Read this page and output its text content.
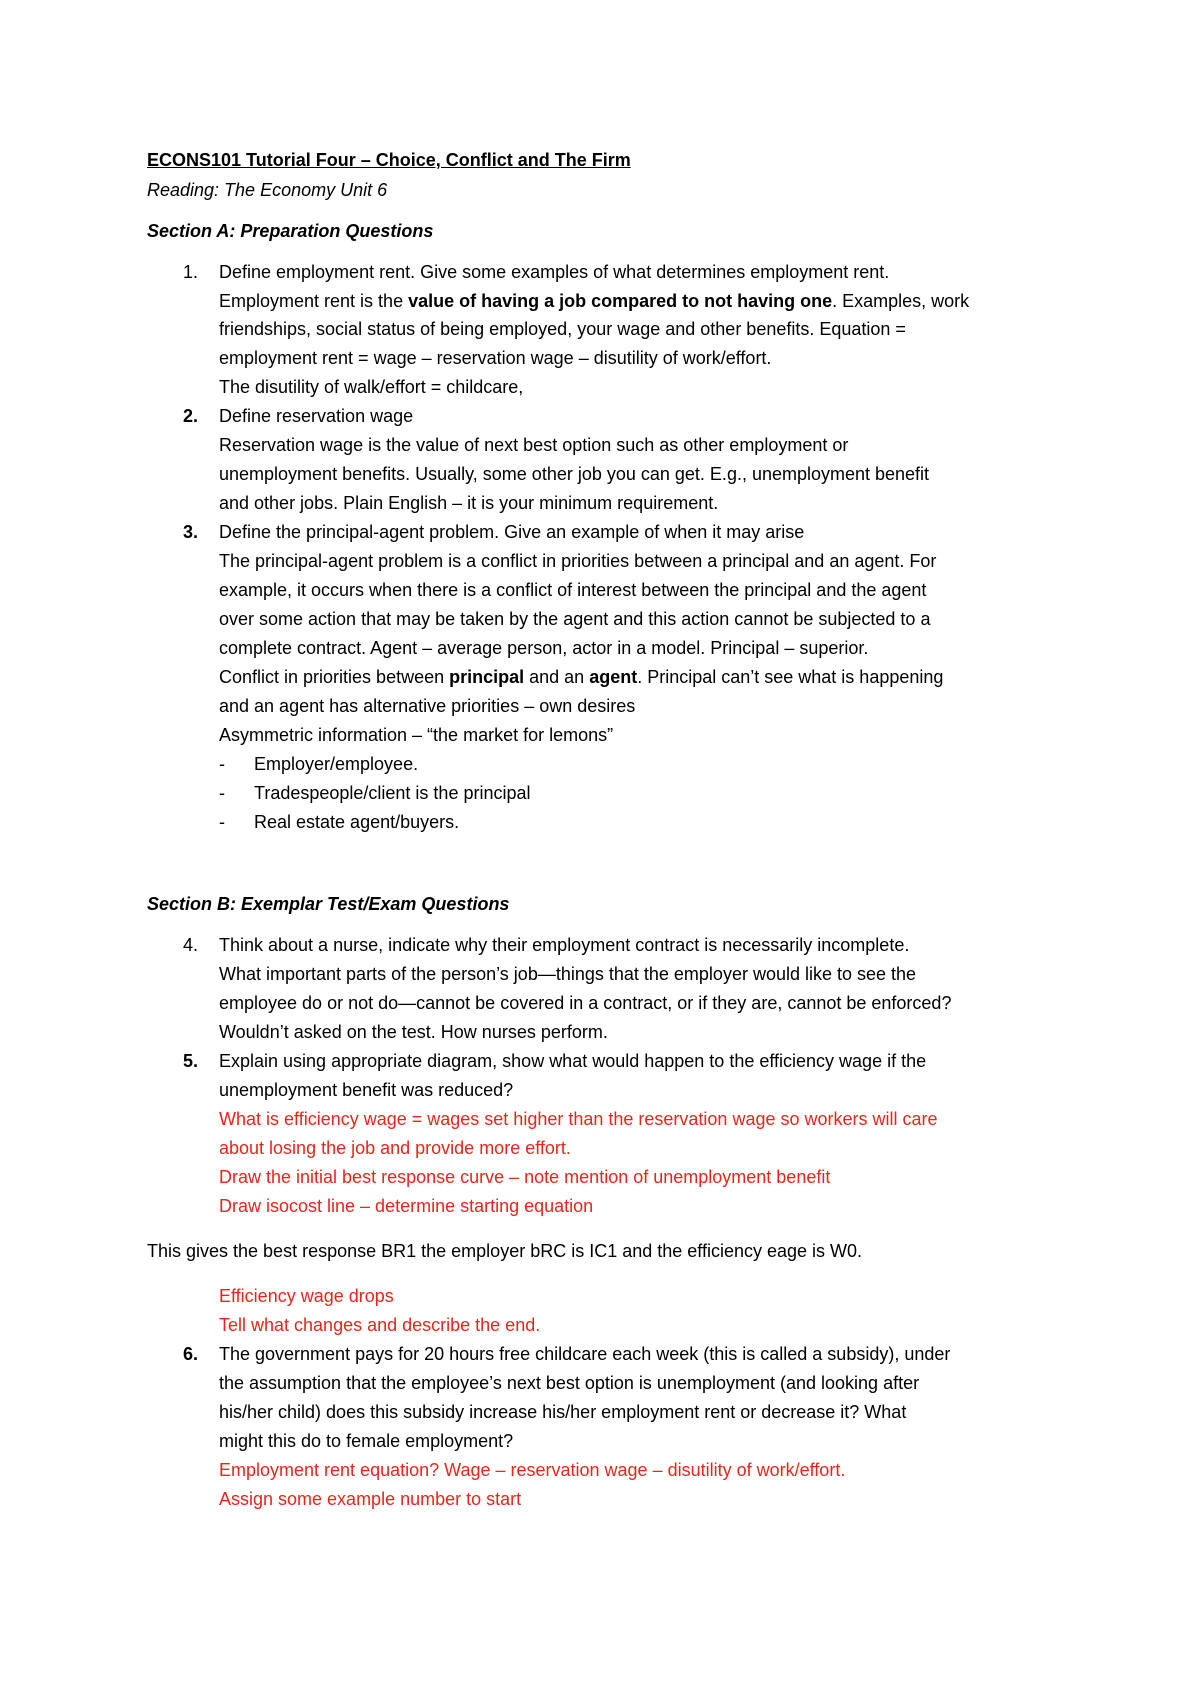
ECONS101 Tutorial Four – Choice, Conflict and The Firm
Reading: The Economy Unit 6
Section A: Preparation Questions
1. Define employment rent. Give some examples of what determines employment rent.
Employment rent is the value of having a job compared to not having one. Examples, work
friendships, social status of being employed, your wage and other benefits. Equation =
employment rent = wage – reservation wage – disutility of work/effort.
The disutility of walk/effort = childcare,
2. Define reservation wage
Reservation wage is the value of next best option such as other employment or
unemployment benefits. Usually, some other job you can get. E.g., unemployment benefit
and other jobs. Plain English – it is your minimum requirement.
3. Define the principal-agent problem. Give an example of when it may arise
The principal-agent problem is a conflict in priorities between a principal and an agent. For
example, it occurs when there is a conflict of interest between the principal and the agent
over some action that may be taken by the agent and this action cannot be subjected to a
complete contract. Agent – average person, actor in a model. Principal – superior.
Conflict in priorities between principal and an agent. Principal can’t see what is happening
and an agent has alternative priorities – own desires
Asymmetric information – “the market for lemons”
- Employer/employee.
- Tradespeople/client is the principal
- Real estate agent/buyers.
Section B: Exemplar Test/Exam Questions
4. Think about a nurse, indicate why their employment contract is necessarily incomplete.
What important parts of the person’s job—things that the employer would like to see the
employee do or not do—cannot be covered in a contract, or if they are, cannot be enforced?
Wouldn’t asked on the test. How nurses perform.
5. Explain using appropriate diagram, show what would happen to the efficiency wage if the
unemployment benefit was reduced?
What is efficiency wage = wages set higher than the reservation wage so workers will care
about losing the job and provide more effort.
Draw the initial best response curve – note mention of unemployment benefit
Draw isocost line – determine starting equation
This gives the best response BR1 the employer bRC is IC1 and the efficiency eage is W0.
Efficiency wage drops
Tell what changes and describe the end.
6. The government pays for 20 hours free childcare each week (this is called a subsidy), under
the assumption that the employee’s next best option is unemployment (and looking after
his/her child) does this subsidy increase his/her employment rent or decrease it? What
might this do to female employment?
Employment rent equation? Wage – reservation wage – disutility of work/effort.
Assign some example number to start
